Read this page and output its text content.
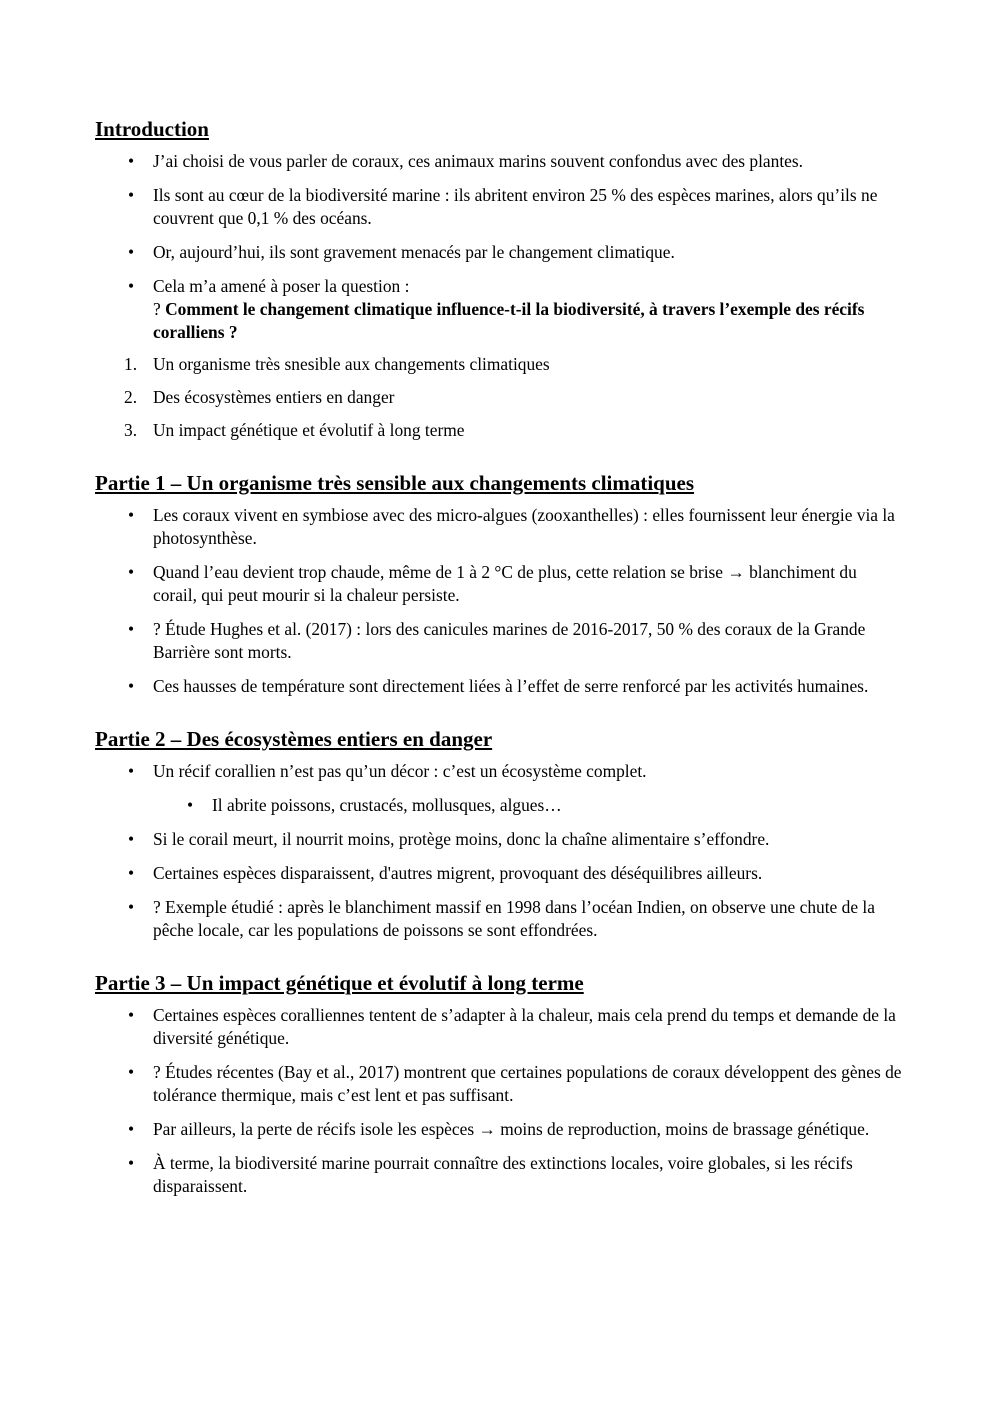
Introduction
• J’ai choisi de vous parler de coraux, ces animaux marins souvent confondus avec des plantes.
• Ils sont au cœur de la biodiversité marine : ils abritent environ 25 % des espèces marines, alors qu’ils ne couvrent que 0,1 % des océans.
• Or, aujourd’hui, ils sont gravement menacés par le changement climatique.
• Cela m’a amené à poser la question :
? Comment le changement climatique influence-t-il la biodiversité, à travers l’exemple des récifs coralliens ?
1. Un organisme très snesible aux changements climatiques
2. Des écosystèmes entiers en danger
3. Un impact génétique et évolutif à long terme
Partie 1 – Un organisme très sensible aux changements climatiques
• Les coraux vivent en symbiose avec des micro-algues (zooxanthelles) : elles fournissent leur énergie via la photosynthèse.
• Quand l’eau devient trop chaude, même de 1 à 2 °C de plus, cette relation se brise → blanchiment du corail, qui peut mourir si la chaleur persiste.
• ? Étude Hughes et al. (2017) : lors des canicules marines de 2016-2017, 50 % des coraux de la Grande Barrière sont morts.
• Ces hausses de température sont directement liées à l’effet de serre renforcé par les activités humaines.
Partie 2 – Des écosystèmes entiers en danger
• Un récif corallien n’est pas qu’un décor : c’est un écosystème complet.
• Il abrite poissons, crustacés, mollusques, algues…
• Si le corail meurt, il nourrit moins, protège moins, donc la chaîne alimentaire s’effondre.
• Certaines espèces disparaissent, d'autres migrent, provoquant des déséquilibres ailleurs.
• ? Exemple étudié : après le blanchiment massif en 1998 dans l’océan Indien, on observe une chute de la pêche locale, car les populations de poissons se sont effondrées.
Partie 3 – Un impact génétique et évolutif à long terme
• Certaines espèces coralliennes tentent de s’adapter à la chaleur, mais cela prend du temps et demande de la diversité génétique.
• ? Études récentes (Bay et al., 2017) montrent que certaines populations de coraux développent des gènes de tolérance thermique, mais c’est lent et pas suffisant.
• Par ailleurs, la perte de récifs isole les espèces → moins de reproduction, moins de brassage génétique.
• À terme, la biodiversité marine pourrait connaître des extinctions locales, voire globales, si les récifs disparaissent.
